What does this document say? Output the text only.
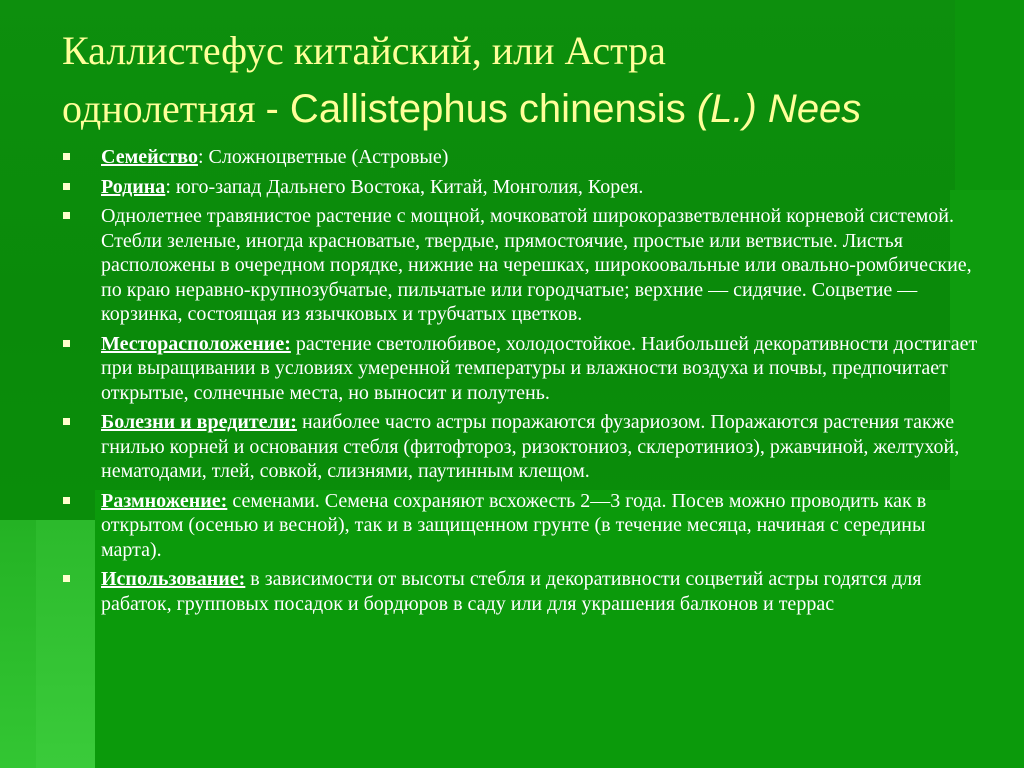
Каллистефус китайский, или Астра
однолетняя - Callistephus chinensis (L.) Nees
Семейство: Сложноцветные (Астровые)
Родина: юго-запад Дальнего Востока, Китай, Монголия, Корея.
Однолетнее травянистое растение с мощной, мочковатой широкоразветвленной корневой системой. Стебли зеленые, иногда красноватые, твердые, прямостоячие, простые или ветвистые. Листья расположены в очередном порядке, нижние на черешках, широкоовальные или овально-ромбические, по краю неравно-крупнозубчатые, пильчатые или городчатые; верхние — сидячие. Соцветие — корзинка, состоящая из язычковых и трубчатых цветков.
Месторасположение: растение светолюбивое, холодостойкое. Наибольшей декоративности достигает при выращивании в условиях умеренной температуры и влажности воздуха и почвы, предпочитает открытые, солнечные места, но выносит и полутень.
Болезни и вредители: наиболее часто астры поражаются фузариозом. Поражаются растения также гнилью корней и основания стебля (фитофтороз, ризоктониоз, склеротиниоз), ржавчиной, желтухой, нематодами, тлей, совкой, слизнями, паутинным клещом.
Размножение: семенами. Семена сохраняют всхожесть 2—3 года. Посев можно проводить как в открытом (осенью и весной), так и в защищенном грунте (в течение месяца, начиная с середины марта).
Использование: в зависимости от высоты стебля и декоративности соцветий астры годятся для рабаток, групповых посадок и бордюров в саду или для украшения балконов и террас
